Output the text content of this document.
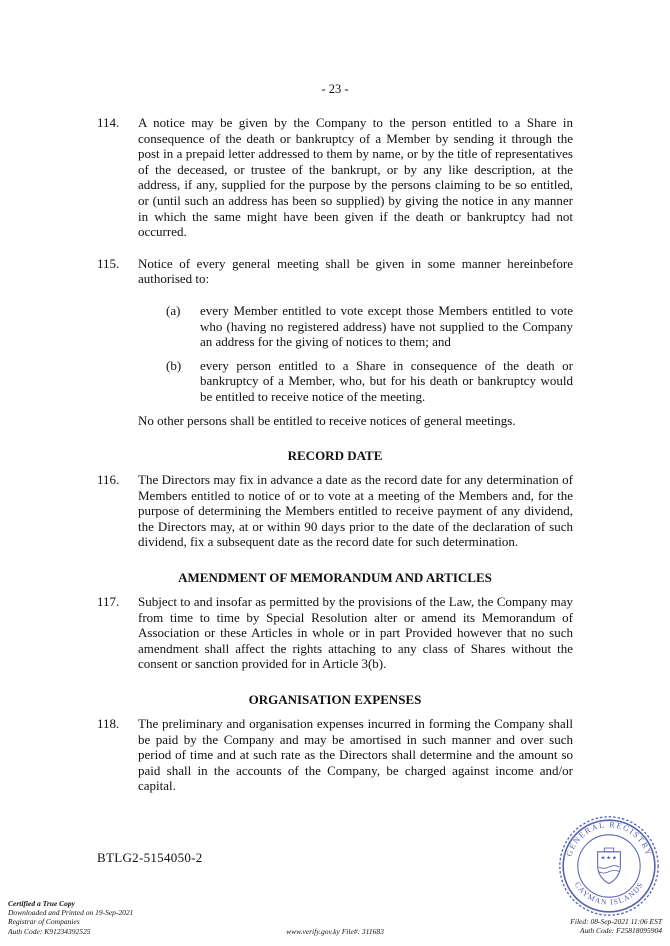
- 23 -
114.	A notice may be given by the Company to the person entitled to a Share in consequence of the death or bankruptcy of a Member by sending it through the post in a prepaid letter addressed to them by name, or by the title of representatives of the deceased, or trustee of the bankrupt, or by any like description, at the address, if any, supplied for the purpose by the persons claiming to be so entitled, or (until such an address has been so supplied) by giving the notice in any manner in which the same might have been given if the death or bankruptcy had not occurred.
115.	Notice of every general meeting shall be given in some manner hereinbefore authorised to:
(a)	every Member entitled to vote except those Members entitled to vote who (having no registered address) have not supplied to the Company an address for the giving of notices to them; and
(b)	every person entitled to a Share in consequence of the death or bankruptcy of a Member, who, but for his death or bankruptcy would be entitled to receive notice of the meeting.
No other persons shall be entitled to receive notices of general meetings.
RECORD DATE
116.	The Directors may fix in advance a date as the record date for any determination of Members entitled to notice of or to vote at a meeting of the Members and, for the purpose of determining the Members entitled to receive payment of any dividend, the Directors may, at or within 90 days prior to the date of the declaration of such dividend, fix a subsequent date as the record date for such determination.
AMENDMENT OF MEMORANDUM AND ARTICLES
117.	Subject to and insofar as permitted by the provisions of the Law, the Company may from time to time by Special Resolution alter or amend its Memorandum of Association or these Articles in whole or in part Provided however that no such amendment shall affect the rights attaching to any class of Shares without the consent or sanction provided for in Article 3(b).
ORGANISATION EXPENSES
118.	The preliminary and organisation expenses incurred in forming the Company shall be paid by the Company and may be amortised in such manner and over such period of time and at such rate as the Directors shall determine and the amount so paid shall in the accounts of the Company, be charged against income and/or capital.
BTLG2-5154050-2	GENERAL REGISTRY
CAYMAN ISLANDS
★ ★ ★
Certified a True Copy
Downloaded and Printed on 19-Sep-2021
Registrar of Companies
Auth Code: K91234392525	www.verify.gov.ky File#: 311683
Filed: 08-Sep-2021 11:06 EST
Auth Code: F25818095904
